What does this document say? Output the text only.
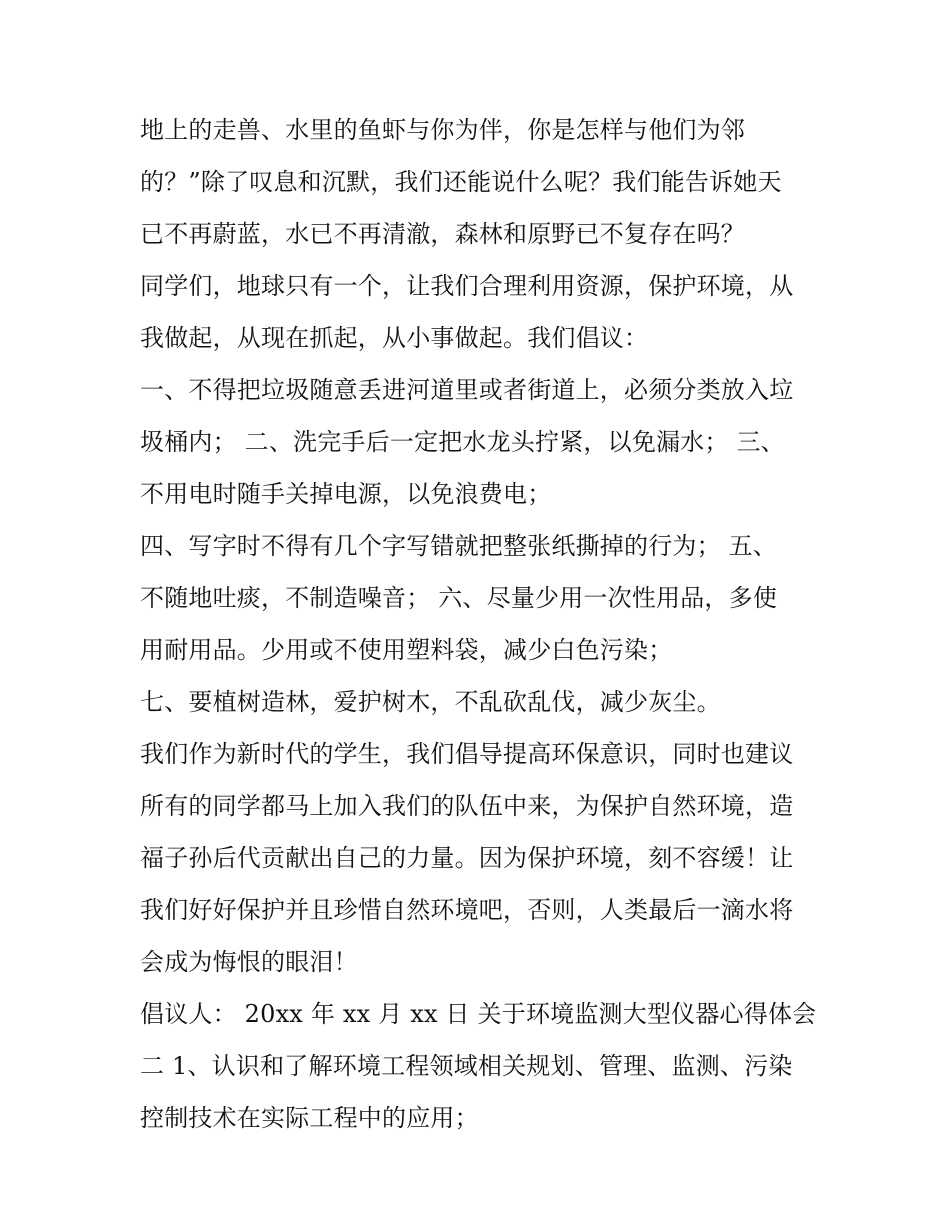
地上的走兽、水里的鱼虾与你为伴，你是怎样与他们为邻
的？”除了叹息和沉默，我们还能说什么呢？我们能告诉她天
已不再蔚蓝，水已不再清澈，森林和原野已不复存在吗？
同学们，地球只有一个，让我们合理利用资源，保护环境，从
我做起，从现在抓起，从小事做起。我们倡议：
一、不得把垃圾随意丢进河道里或者街道上，必须分类放入垃
圾桶内； 二、洗完手后一定把水龙头拧紧，以免漏水； 三、
不用电时随手关掉电源，以免浪费电；
四、写字时不得有几个字写错就把整张纸撕掉的行为； 五、
不随地吐痰，不制造噪音； 六、尽量少用一次性用品，多使
用耐用品。少用或不使用塑料袋，减少白色污染；
七、要植树造林，爱护树木，不乱砍乱伐，减少灰尘。
我们作为新时代的学生，我们倡导提高环保意识，同时也建议
所有的同学都马上加入我们的队伍中来，为保护自然环境，造
福子孙后代贡献出自己的力量。因为保护环境，刻不容缓！让
我们好好保护并且珍惜自然环境吧，否则，人类最后一滴水将
会成为悔恨的眼泪！
倡议人： 20xx 年 xx 月 xx 日 关于环境监测大型仪器心得体会
二 1、认识和了解环境工程领域相关规划、管理、监测、污染
控制技术在实际工程中的应用；
